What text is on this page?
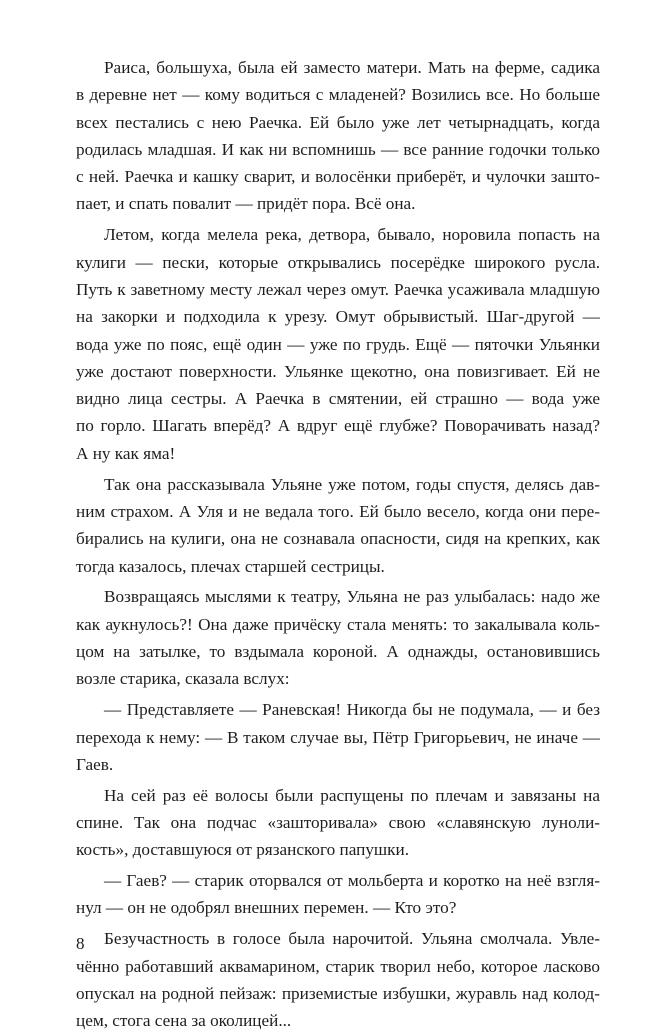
Раиса, большуха, была ей заместо матери. Мать на ферме, садика
в деревне нет — кому водиться с младеней? Возились все. Но больше
всех пестались с нею Раечка. Ей было уже лет четырнадцать, когда
родилась младшая. И как ни вспомнишь — все ранние годочки только
с ней. Раечка и кашку сварит, и волосёнки приберёт, и чулочки зашто-
пает, и спать повалит — придёт пора. Всё она.
Летом, когда мелела река, детвора, бывало, норовила попасть на
кулиги — пески, которые открывались посерёдке широкого русла.
Путь к заветному месту лежал через омут. Раечка усаживала младшую
на закорки и подходила к урезу. Омут обрывистый. Шаг-другой —
вода уже по пояс, ещё один — уже по грудь. Ещё — пяточки Ульянки
уже достают поверхности. Ульянке щекотно, она повизгивает. Ей не
видно лица сестры. А Раечка в смятении, ей страшно — вода уже
по горло. Шагать вперёд? А вдруг ещё глубже? Поворачивать назад?
А ну как яма!
Так она рассказывала Ульяне уже потом, годы спустя, делясь дав-
ним страхом. А Уля и не ведала того. Ей было весело, когда они пере-
бирались на кулиги, она не сознавала опасности, сидя на крепких, как
тогда казалось, плечах старшей сестрицы.
Возвращаясь мыслями к театру, Ульяна не раз улыбалась: надо же
как аукнулось?! Она даже причёску стала менять: то закалывала коль-
цом на затылке, то вздымала короной. А однажды, остановившись
возле старика, сказала вслух:
— Представляете — Раневская! Никогда бы не подумала, — и без
перехода к нему: — В таком случае вы, Пётр Григорьевич, не иначе —
Гаев.
На сей раз её волосы были распущены по плечам и завязаны на
спине. Так она подчас «зашторивала» свою «славянскую луноли-
кость», доставшуюся от рязанского папушки.
— Гаев? — старик оторвался от мольберта и коротко на неё взгля-
нул — он не одобрял внешних перемен. — Кто это?
Безучастность в голосе была нарочитой. Ульяна смолчала. Увле-
чённо работавший аквамарином, старик творил небо, которое ласково
опускал на родной пейзаж: приземистые избушки, журавль над колод-
цем, стога сена за околицей...
8
